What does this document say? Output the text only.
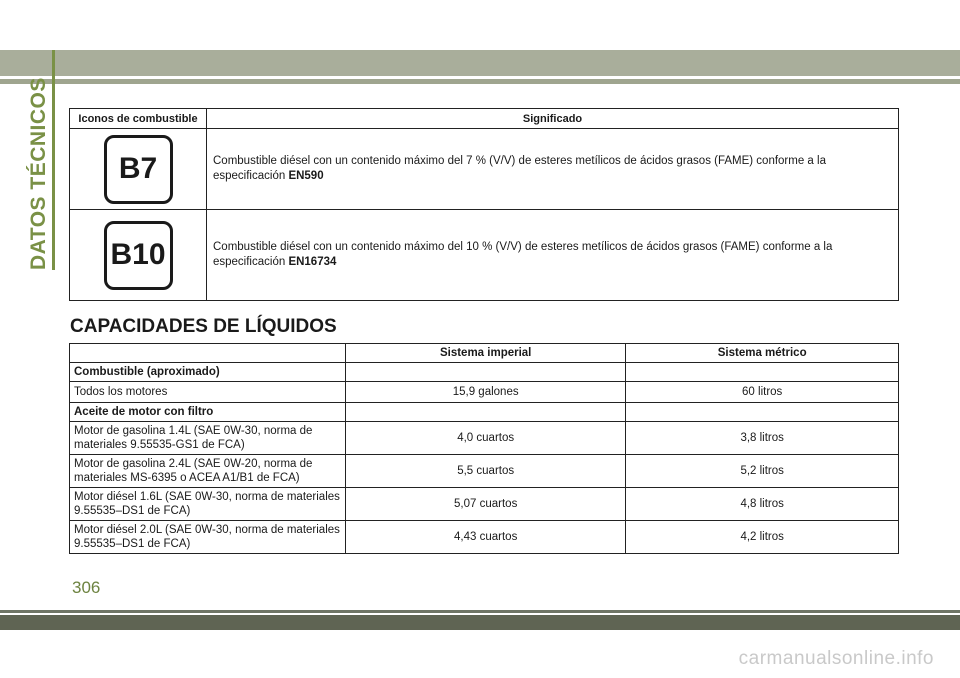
DATOS TÉCNICOS	Iconos de combustible	Significado
B7	Combustible diésel con un contenido máximo del 7 % (V/V) de esteres metílicos de ácidos grasos (FAME) conforme a la especificación EN590
B10	Combustible diésel con un contenido máximo del 10 % (V/V) de esteres metílicos de ácidos grasos (FAME) conforme a la especificación EN16734
CAPACIDADES DE LÍQUIDOS
	Sistema imperial	Sistema métrico
Combustible (aproximado)		
Todos los motores	15,9 galones	60 litros
Aceite de motor con filtro		
Motor de gasolina 1.4L (SAE 0W-30, norma de materiales 9.55535-GS1 de FCA)	4,0 cuartos	3,8 litros
Motor de gasolina 2.4L (SAE 0W-20, norma de materiales MS-6395 o ACEA A1/B1 de FCA)	5,5 cuartos	5,2 litros
Motor diésel 1.6L (SAE 0W-30, norma de materiales 9.55535–DS1 de FCA)	5,07 cuartos	4,8 litros
Motor diésel 2.0L (SAE 0W-30, norma de materiales 9.55535–DS1 de FCA)	4,43 cuartos	4,2 litros
306
carmanualsonline.info
